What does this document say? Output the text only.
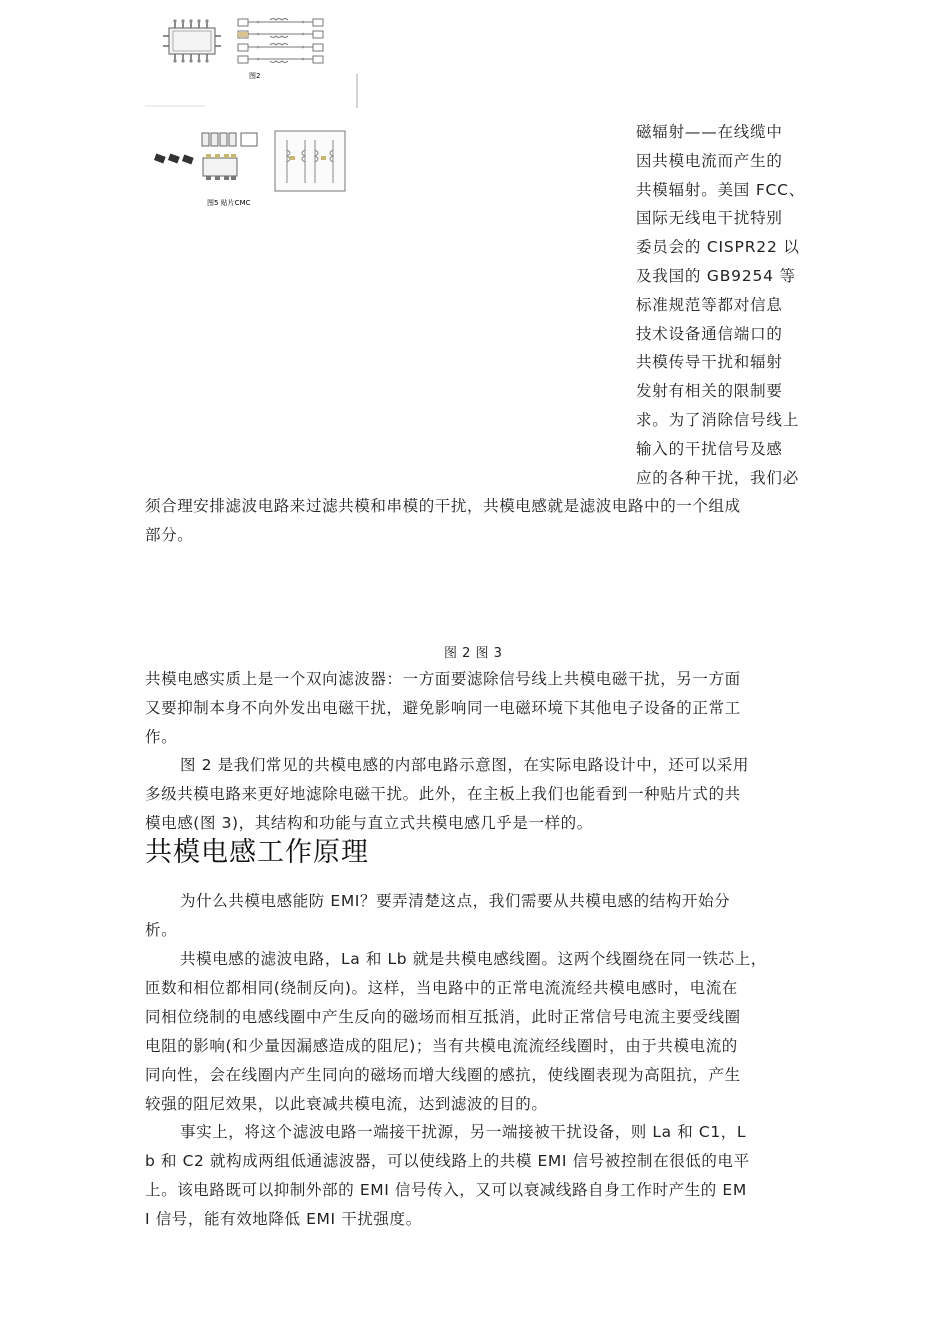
图2
图5 贴片CMC
磁辐射——在线缆中
因共模电流而产生的
共模辐射。美国 FCC、
国际无线电干扰特别
委员会的 CISPR22 以
及我国的 GB9254 等
标准规范等都对信息
技术设备通信端口的
共模传导干扰和辐射
发射有相关的限制要
求。为了消除信号线上
输入的干扰信号及感
应的各种干扰，我们必
须合理安排滤波电路来过滤共模和串模的干扰，共模电感就是滤波电路中的一个组成
部分。
图 2 图 3
共模电感实质上是一个双向滤波器：一方面要滤除信号线上共模电磁干扰，另一方面
又要抑制本身不向外发出电磁干扰，避免影响同一电磁环境下其他电子设备的正常工
作。
图 2 是我们常见的共模电感的内部电路示意图，在实际电路设计中，还可以采用
多级共模电路来更好地滤除电磁干扰。此外，在主板上我们也能看到一种贴片式的共
模电感(图 3)，其结构和功能与直立式共模电感几乎是一样的。
共模电感工作原理
为什么共模电感能防 EMI？要弄清楚这点，我们需要从共模电感的结构开始分
析。
共模电感的滤波电路，La 和 Lb 就是共模电感线圈。这两个线圈绕在同一铁芯上，
匝数和相位都相同(绕制反向)。这样，当电路中的正常电流流经共模电感时，电流在
同相位绕制的电感线圈中产生反向的磁场而相互抵消，此时正常信号电流主要受线圈
电阻的影响(和少量因漏感造成的阻尼)；当有共模电流流经线圈时，由于共模电流的
同向性，会在线圈内产生同向的磁场而增大线圈的感抗，使线圈表现为高阻抗，产生
较强的阻尼效果，以此衰减共模电流，达到滤波的目的。
事实上，将这个滤波电路一端接干扰源，另一端接被干扰设备，则 La 和 C1，L
b 和 C2 就构成两组低通滤波器，可以使线路上的共模 EMI 信号被控制在很低的电平
上。该电路既可以抑制外部的 EMI 信号传入，又可以衰减线路自身工作时产生的 EM
I 信号，能有效地降低 EMI 干扰强度。
